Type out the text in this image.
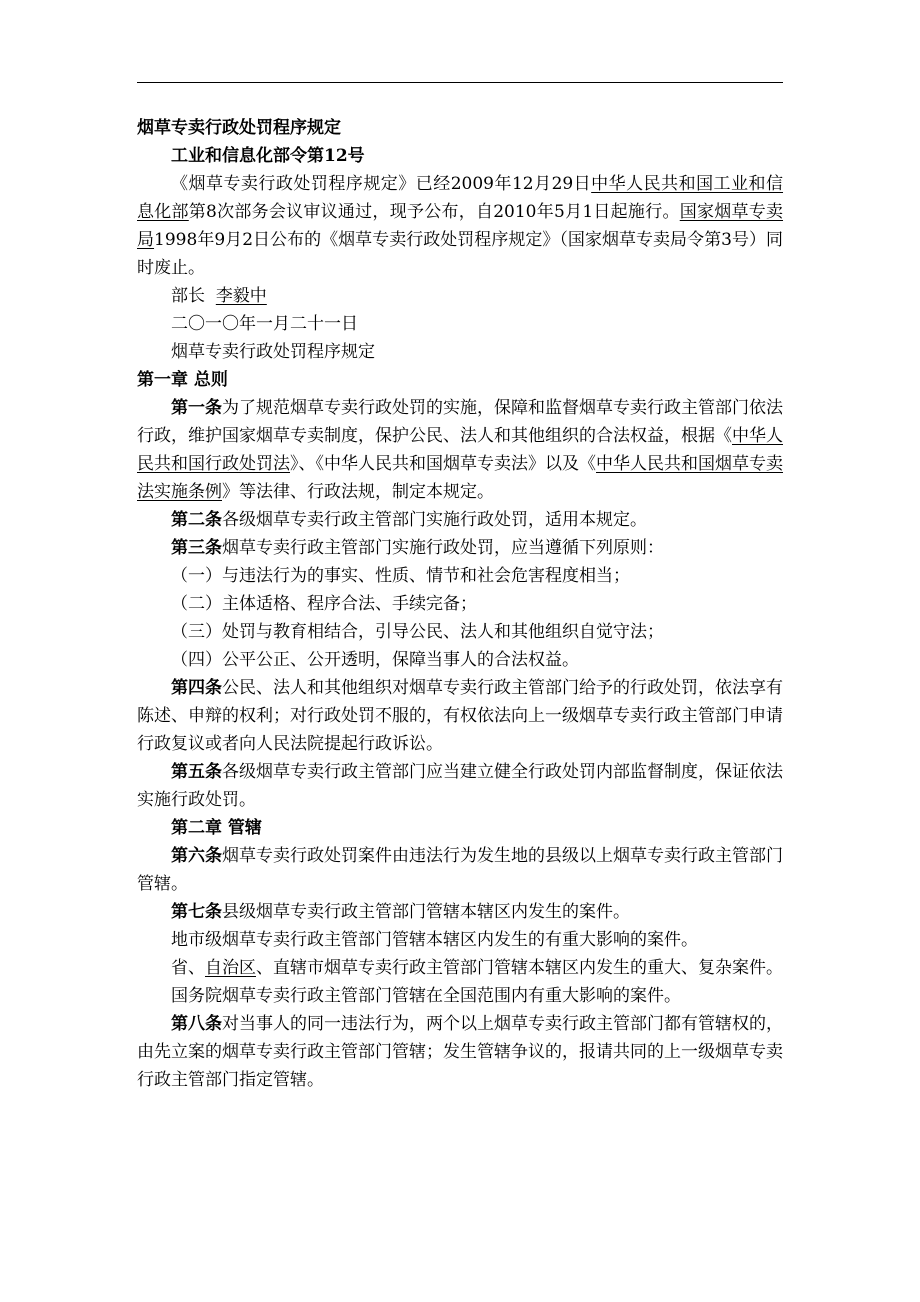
烟草专卖行政处罚程序规定

工业和信息化部令第12号

《烟草专卖行政处罚程序规定》已经2009年12月29日中华人民共和国工业和信息化部第8次部务会议审议通过，现予公布，自2010年5月1日起施行。国家烟草专卖局1998年9月2日公布的《烟草专卖行政处罚程序规定》（国家烟草专卖局令第3号）同时废止。

部长 李毅中

二〇一〇年一月二十一日

烟草专卖行政处罚程序规定

第一章 总则

第一条为了规范烟草专卖行政处罚的实施，保障和监督烟草专卖行政主管部门依法行政，维护国家烟草专卖制度，保护公民、法人和其他组织的合法权益，根据《中华人民共和国行政处罚法》、《中华人民共和国烟草专卖法》以及《中华人民共和国烟草专卖法实施条例》等法律、行政法规，制定本规定。

第二条各级烟草专卖行政主管部门实施行政处罚，适用本规定。

第三条烟草专卖行政主管部门实施行政处罚，应当遵循下列原则：

（一）与违法行为的事实、性质、情节和社会危害程度相当；

（二）主体适格、程序合法、手续完备；

（三）处罚与教育相结合，引导公民、法人和其他组织自觉守法；

（四）公平公正、公开透明，保障当事人的合法权益。

第四条公民、法人和其他组织对烟草专卖行政主管部门给予的行政处罚，依法享有陈述、申辩的权利；对行政处罚不服的，有权依法向上一级烟草专卖行政主管部门申请行政复议或者向人民法院提起行政诉讼。

第五条各级烟草专卖行政主管部门应当建立健全行政处罚内部监督制度，保证依法实施行政处罚。

第二章 管辖

第六条烟草专卖行政处罚案件由违法行为发生地的县级以上烟草专卖行政主管部门管辖。

第七条县级烟草专卖行政主管部门管辖本辖区内发生的案件。

地市级烟草专卖行政主管部门管辖本辖区内发生的有重大影响的案件。

省、自治区、直辖市烟草专卖行政主管部门管辖本辖区内发生的重大、复杂案件。

国务院烟草专卖行政主管部门管辖在全国范围内有重大影响的案件。

第八条对当事人的同一违法行为，两个以上烟草专卖行政主管部门都有管辖权的，由先立案的烟草专卖行政主管部门管辖；发生管辖争议的，报请共同的上一级烟草专卖行政主管部门指定管辖。
